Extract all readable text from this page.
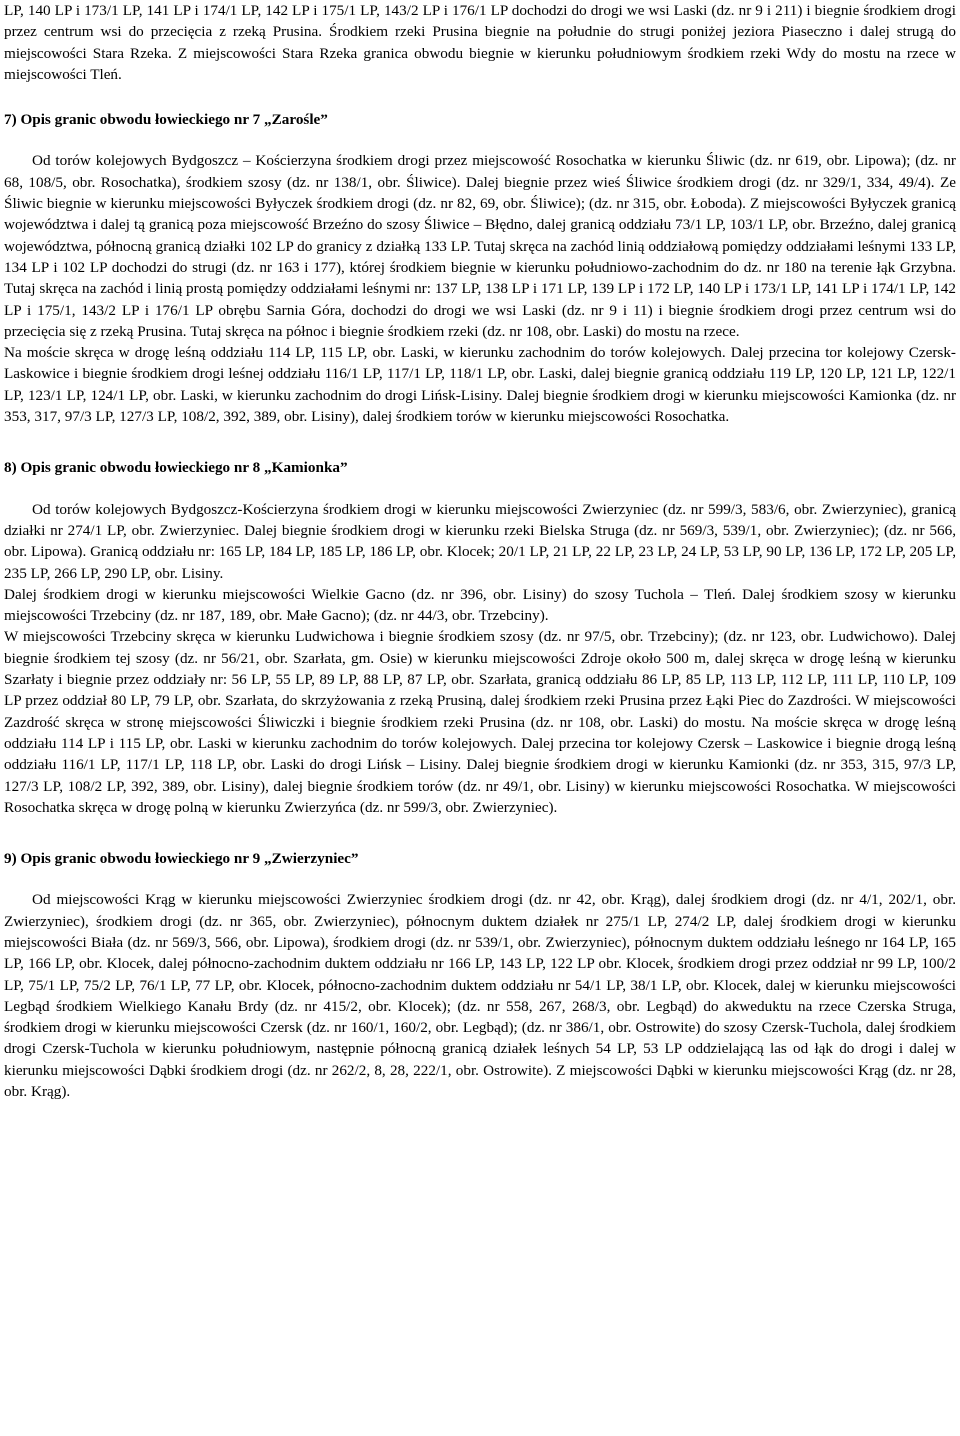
LP, 140 LP i 173/1 LP, 141 LP i 174/1 LP, 142 LP i 175/1 LP, 143/2 LP i 176/1 LP dochodzi do drogi we wsi Laski (dz. nr 9 i 211) i biegnie środkiem drogi przez centrum wsi do przecięcia z rzeką Prusina. Środkiem rzeki Prusina biegnie na południe do strugi poniżej jeziora Piaseczno i dalej strugą do miejscowości Stara Rzeka. Z miejscowości Stara Rzeka granica obwodu biegnie w kierunku południowym środkiem rzeki Wdy do mostu na rzece w miejscowości Tleń.

7) Opis granic obwodu łowieckiego nr 7 „Zarośle”

Od torów kolejowych Bydgoszcz – Kościerzyna środkiem drogi przez miejscowość Rosochatka w kierunku Śliwic (dz. nr 619, obr. Lipowa); (dz. nr 68, 108/5, obr. Rosochatka), środkiem szosy (dz. nr 138/1, obr. Śliwice). Dalej biegnie przez wieś Śliwice środkiem drogi (dz. nr 329/1, 334, 49/4). Ze Śliwic biegnie w kierunku miejscowości Byłyczek środkiem drogi (dz. nr 82, 69, obr. Śliwice); (dz. nr 315, obr. Łoboda). Z miejscowości Byłyczek granicą województwa i dalej tą granicą poza miejscowość Brzeźno do szosy Śliwice – Błędno, dalej granicą oddziału 73/1 LP, 103/1 LP, obr. Brzeźno, dalej granicą województwa, północną granicą działki 102 LP do granicy z działką 133 LP. Tutaj skręca na zachód linią oddziałową pomiędzy oddziałami leśnymi 133 LP, 134 LP i 102 LP dochodzi do strugi (dz. nr 163 i 177), której środkiem biegnie w kierunku południowo-zachodnim do dz. nr 180 na terenie łąk Grzybna. Tutaj skręca na zachód i linią prostą pomiędzy oddziałami leśnymi nr: 137 LP, 138 LP i 171 LP, 139 LP i 172 LP, 140 LP i 173/1 LP, 141 LP i 174/1 LP, 142 LP i 175/1, 143/2 LP i 176/1 LP obrębu Sarnia Góra, dochodzi do drogi we wsi Laski (dz. nr 9 i 11) i biegnie środkiem drogi przez centrum wsi do przecięcia się z rzeką Prusina. Tutaj skręca na północ i biegnie środkiem rzeki (dz. nr 108, obr. Laski) do mostu na rzece.

Na moście skręca w drogę leśną oddziału 114 LP, 115 LP, obr. Laski, w kierunku zachodnim do torów kolejowych. Dalej przecina tor kolejowy Czersk-Laskowice i biegnie środkiem drogi leśnej oddziału 116/1 LP, 117/1 LP, 118/1 LP, obr. Laski, dalej biegnie granicą oddziału 119 LP, 120 LP, 121 LP, 122/1 LP, 123/1 LP, 124/1 LP, obr. Laski, w kierunku zachodnim do drogi Lińsk-Lisiny. Dalej biegnie środkiem drogi w kierunku miejscowości Kamionka (dz. nr 353, 317, 97/3 LP, 127/3 LP, 108/2, 392, 389, obr. Lisiny), dalej środkiem torów w kierunku miejscowości Rosochatka.

8) Opis granic obwodu łowieckiego nr 8 „Kamionka”

Od torów kolejowych Bydgoszcz-Kościerzyna środkiem drogi w kierunku miejscowości Zwierzyniec (dz. nr 599/3, 583/6, obr. Zwierzyniec), granicą działki nr 274/1 LP, obr. Zwierzyniec. Dalej biegnie środkiem drogi w kierunku rzeki Bielska Struga (dz. nr 569/3, 539/1, obr. Zwierzyniec); (dz. nr 566, obr. Lipowa). Granicą oddziału nr: 165 LP, 184 LP, 185 LP, 186 LP, obr. Klocek; 20/1 LP, 21 LP, 22 LP, 23 LP, 24 LP, 53 LP, 90 LP, 136 LP, 172 LP, 205 LP, 235 LP, 266 LP, 290 LP, obr. Lisiny.

Dalej środkiem drogi w kierunku miejscowości Wielkie Gacno (dz. nr 396, obr. Lisiny) do szosy Tuchola – Tleń. Dalej środkiem szosy w kierunku miejscowości Trzebciny (dz. nr 187, 189, obr. Małe Gacno); (dz. nr 44/3, obr. Trzebciny).

W miejscowości Trzebciny skręca w kierunku Ludwichowa i biegnie środkiem szosy (dz. nr 97/5, obr. Trzebciny); (dz. nr 123, obr. Ludwichowo). Dalej biegnie środkiem tej szosy (dz. nr 56/21, obr. Szarłata, gm. Osie) w kierunku miejscowości Zdroje około 500 m, dalej skręca w drogę leśną w kierunku Szarłaty i biegnie przez oddziały nr: 56 LP, 55 LP, 89 LP, 88 LP, 87 LP, obr. Szarłata, granicą oddziału 86 LP, 85 LP, 113 LP, 112 LP, 111 LP, 110 LP, 109 LP przez oddział 80 LP, 79 LP, obr. Szarłata, do skrzyżowania z rzeką Prusiną, dalej środkiem rzeki Prusina przez Łąki Piec do Zazdrości. W miejscowości Zazdrość skręca w stronę miejscowości Śliwiczki i biegnie środkiem rzeki Prusina (dz. nr 108, obr. Laski) do mostu. Na moście skręca w drogę leśną oddziału 114 LP i 115 LP, obr. Laski w kierunku zachodnim do torów kolejowych. Dalej przecina tor kolejowy Czersk – Laskowice i biegnie drogą leśną oddziału 116/1 LP, 117/1 LP, 118 LP, obr. Laski do drogi Lińsk – Lisiny. Dalej biegnie środkiem drogi w kierunku Kamionki (dz. nr 353, 315, 97/3 LP, 127/3 LP, 108/2 LP, 392, 389, obr. Lisiny), dalej biegnie środkiem torów (dz. nr 49/1, obr. Lisiny) w kierunku miejscowości Rosochatka. W miejscowości Rosochatka skręca w drogę polną w kierunku Zwierzyńca (dz. nr 599/3, obr. Zwierzyniec).

9) Opis granic obwodu łowieckiego nr 9 „Zwierzyniec”

Od miejscowości Krąg w kierunku miejscowości Zwierzyniec środkiem drogi (dz. nr 42, obr. Krąg), dalej środkiem drogi (dz. nr 4/1, 202/1, obr. Zwierzyniec), środkiem drogi (dz. nr 365, obr. Zwierzyniec), północnym duktem działek nr 275/1 LP, 274/2 LP, dalej środkiem drogi w kierunku miejscowości Biała (dz. nr 569/3, 566, obr. Lipowa), środkiem drogi (dz. nr 539/1, obr. Zwierzyniec), północnym duktem oddziału leśnego nr 164 LP, 165 LP, 166 LP, obr. Klocek, dalej północno-zachodnim duktem oddziału nr 166 LP, 143 LP, 122 LP obr. Klocek, środkiem drogi przez oddział nr 99 LP, 100/2 LP, 75/1 LP, 75/2 LP, 76/1 LP, 77 LP, obr. Klocek, północno-zachodnim duktem oddziału nr 54/1 LP, 38/1 LP, obr. Klocek, dalej w kierunku miejscowości Legbąd środkiem Wielkiego Kanału Brdy (dz. nr 415/2, obr. Klocek); (dz. nr 558, 267, 268/3, obr. Legbąd) do akweduktu na rzece Czerska Struga, środkiem drogi w kierunku miejscowości Czersk (dz. nr 160/1, 160/2, obr. Legbąd); (dz. nr 386/1, obr. Ostrowite) do szosy Czersk-Tuchola, dalej środkiem drogi Czersk-Tuchola w kierunku południowym, następnie północną granicą działek leśnych 54 LP, 53 LP oddzielającą las od łąk do drogi i dalej w kierunku miejscowości Dąbki środkiem drogi (dz. nr 262/2, 8, 28, 222/1, obr. Ostrowite). Z miejscowości Dąbki w kierunku miejscowości Krąg (dz. nr 28, obr. Krąg).
